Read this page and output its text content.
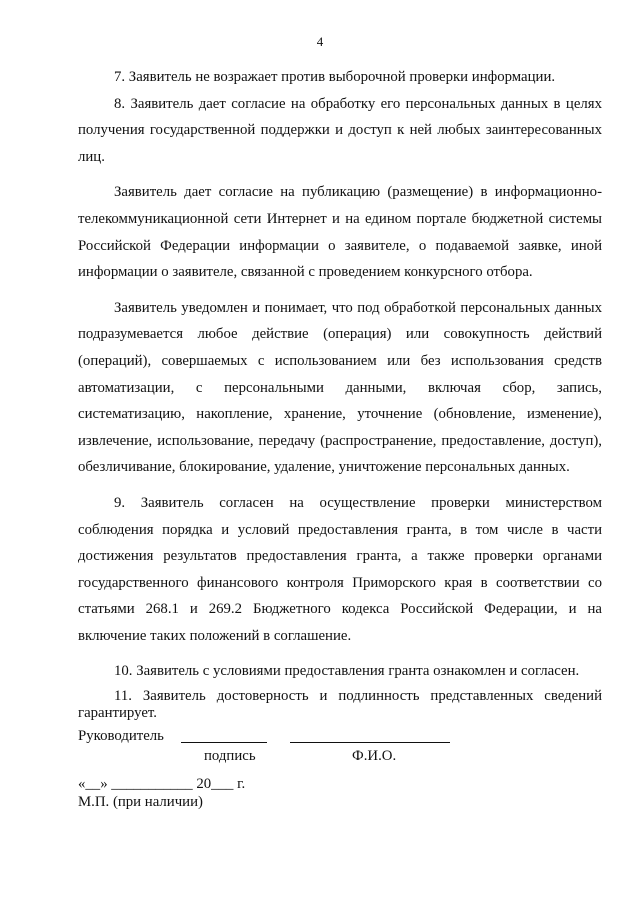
4

7. Заявитель не возражает против выборочной проверки информации.

8. Заявитель дает согласие на обработку его персональных данных в целях получения государственной поддержки и доступ к ней любых заинтересованных лиц.

Заявитель дает согласие на публикацию (размещение) в информационно-телекоммуникационной сети Интернет и на едином портале бюджетной системы Российской Федерации информации о заявителе, о подаваемой заявке, иной информации о заявителе, связанной с проведением конкурсного отбора.

Заявитель уведомлен и понимает, что под обработкой персональных данных подразумевается любое действие (операция) или совокупность действий (операций), совершаемых с использованием или без использования средств автоматизации, с персональными данными, включая сбор, запись, систематизацию, накопление, хранение, уточнение (обновление, изменение), извлечение, использование, передачу (распространение, предоставление, доступ), обезличивание, блокирование, удаление, уничтожение персональных данных.

9. Заявитель согласен на осуществление проверки министерством соблюдения порядка и условий предоставления гранта, в том числе в части достижения результатов предоставления гранта, а также проверки органами государственного финансового контроля Приморского края в соответствии со статьями 268.1 и 269.2 Бюджетного кодекса Российской Федерации, и на включение таких положений в соглашение.

10. Заявитель с условиями предоставления гранта ознакомлен и согласен.

11. Заявитель достоверность и подлинность представленных сведений гарантирует.

Руководитель
подпись	Ф.И.О.
«__» ___________ 20___ г.
М.П. (при наличии)
